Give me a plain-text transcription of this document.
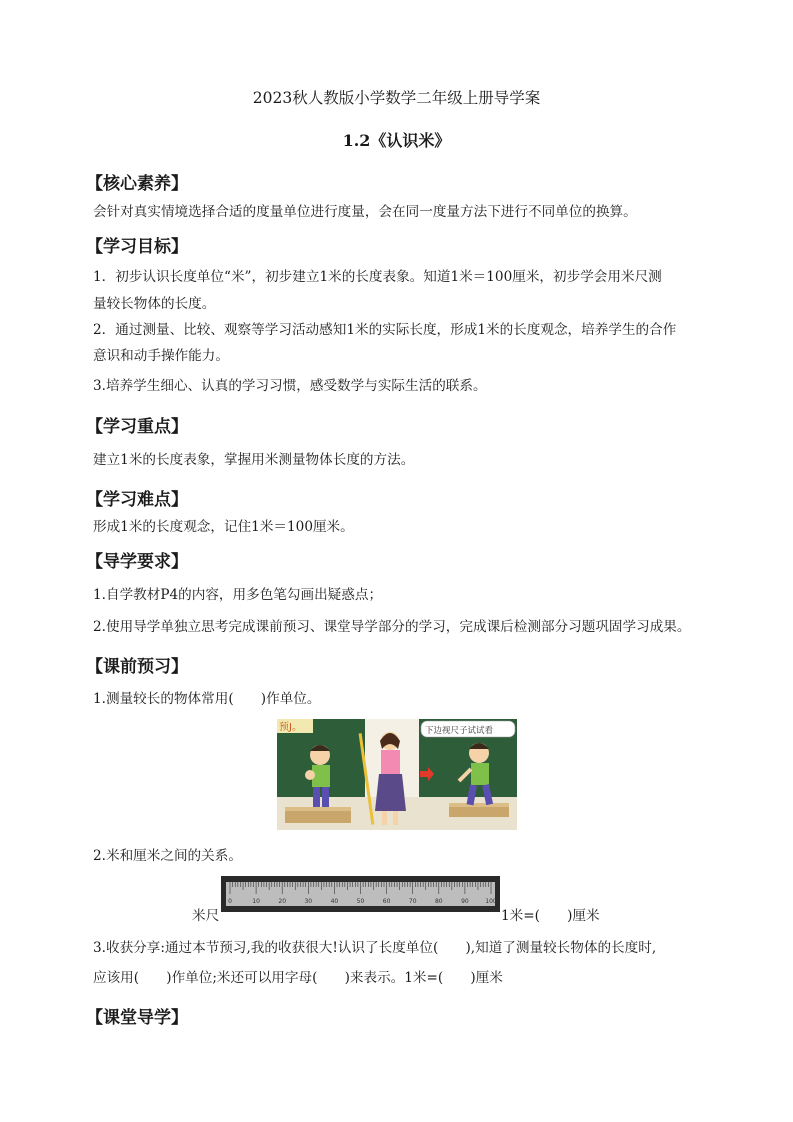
2023秋人教版小学数学二年级上册导学案
1.2《认识米》
【核心素养】
会针对真实情境选择合适的度量单位进行度量，会在同一度量方法下进行不同单位的换算。
【学习目标】
1．初步认识长度单位“米”，初步建立1米的长度表象。知道1米＝100厘米，初步学会用米尺测
量较长物体的长度。
2．通过测量、比较、观察等学习活动感知1米的实际长度，形成1米的长度观念，培养学生的合作
意识和动手操作能力。
3.培养学生细心、认真的学习习惯，感受数学与实际生活的联系。
【学习重点】
建立1米的长度表象，掌握用米测量物体长度的方法。
【学习难点】
形成1米的长度观念，记住1米＝100厘米。
【导学要求】
1.自学教材P4的内容，用多色笔勾画出疑惑点；
2.使用导学单独立思考完成课前预习、课堂导学部分的学习，完成课后检测部分习题巩固学习成果。
【课前预习】
1.测量较长的物体常用(　　)作单位。
预J。	下边视尺子试试看
2.米和厘米之间的关系。
0	10	20	30	40	50	60	70	80	90	100
米尺	1米=(　　)厘米
3.收获分享:通过本节预习,我的收获很大!认识了长度单位(　　),知道了测量较长物体的长度时,
应该用(　　)作单位;米还可以用字母(　　)来表示。1米=(　　)厘米
【课堂导学】
